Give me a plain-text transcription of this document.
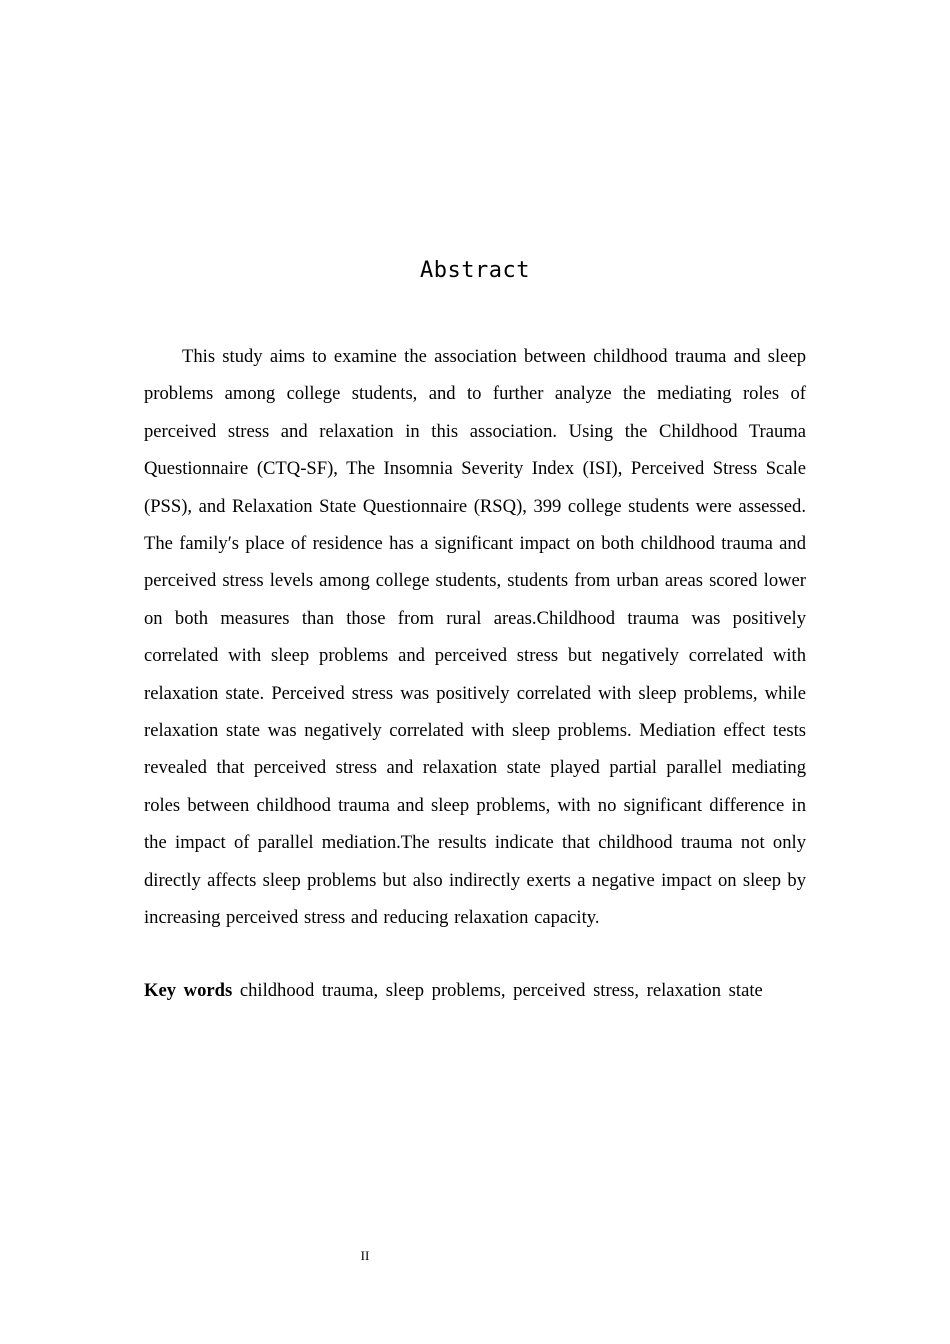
Abstract

This study aims to examine the association between childhood trauma and sleep problems among college students, and to further analyze the mediating roles of perceived stress and relaxation in this association. Using the Childhood Trauma Questionnaire (CTQ-SF), The Insomnia Severity Index (ISI), Perceived Stress Scale (PSS), and Relaxation State Questionnaire (RSQ), 399 college students were assessed. The family′s place of residence has a significant impact on both childhood trauma and perceived stress levels among college students, students from urban areas scored lower on both measures than those from rural areas.Childhood trauma was positively correlated with sleep problems and perceived stress but negatively correlated with relaxation state. Perceived stress was positively correlated with sleep problems, while relaxation state was negatively correlated with sleep problems. Mediation effect tests revealed that perceived stress and relaxation state played partial parallel mediating roles between childhood trauma and sleep problems, with no significant difference in the impact of parallel mediation.The results indicate that childhood trauma not only directly affects sleep problems but also indirectly exerts a negative impact on sleep by increasing perceived stress and reducing relaxation capacity.

Key words childhood trauma, sleep problems, perceived stress, relaxation state

II
